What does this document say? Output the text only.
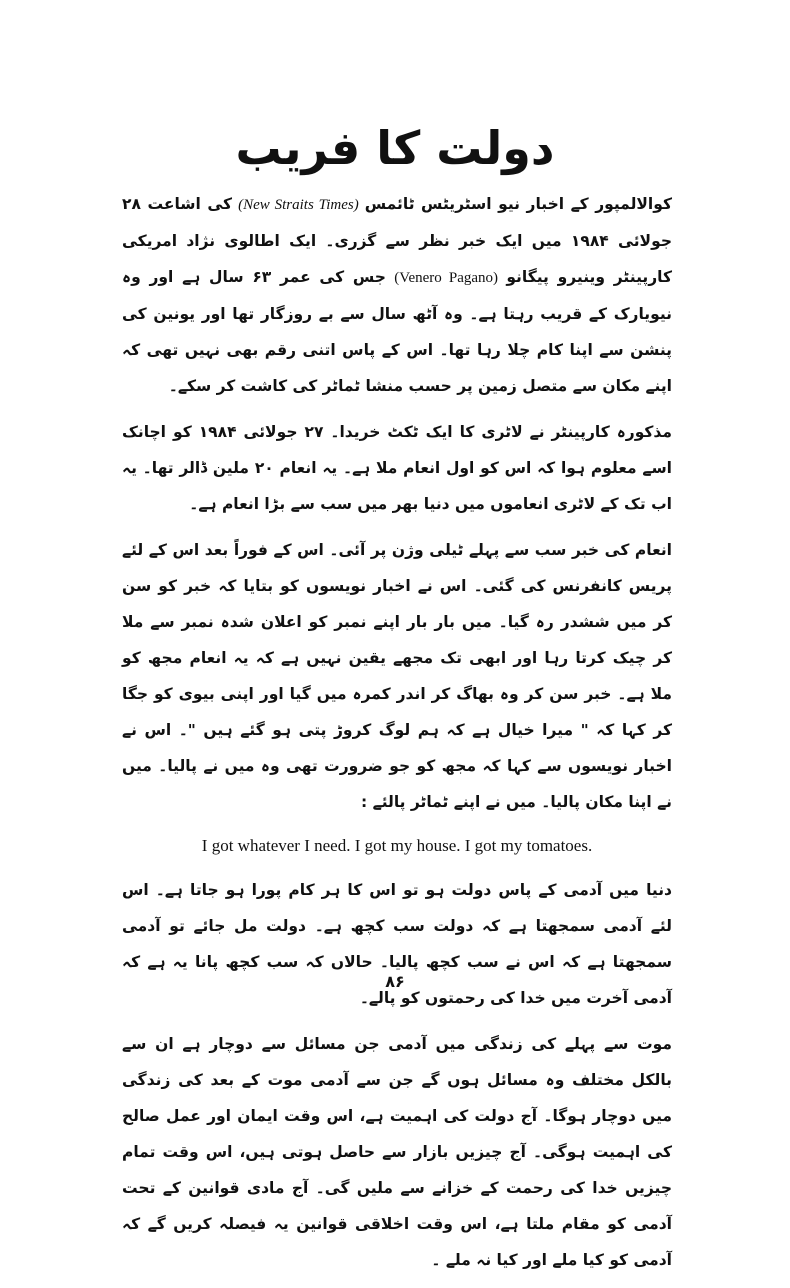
دولت کا فریب

کوالالمپور کے اخبار نیو اسٹریٹس ٹائمس (New Straits Times) کی اشاعت ۲۸ جولائی ۱۹۸۴ میں ایک خبر نظر سے گزری۔ ایک اطالوی نژاد امریکی کارپینٹر وینیرو پیگانو (Venero Pagano) جس کی عمر ۶۳ سال ہے اور وہ نیویارک کے قریب رہتا ہے۔ وہ آٹھ سال سے بے روزگار تھا اور یونین کی پنشن سے اپنا کام چلا رہا تھا۔ اس کے پاس اتنی رقم بھی نہیں تھی کہ اپنے مکان سے متصل زمین پر حسب منشا ٹماٹر کی کاشت کر سکے۔

مذکورہ کارپینٹر نے لاٹری کا ایک ٹکٹ خریدا۔ ۲۷ جولائی ۱۹۸۴ کو اچانک اسے معلوم ہوا کہ اس کو اول انعام ملا ہے۔ یہ انعام ۲۰ ملین ڈالر تھا۔ یہ اب تک کے لاٹری انعاموں میں دنیا بھر میں سب سے بڑا انعام ہے۔

انعام کی خبر سب سے پہلے ٹیلی وژن پر آئی۔ اس کے فوراً بعد اس کے لئے پریس کانفرنس کی گئی۔ اس نے اخبار نویسوں کو بتایا کہ خبر کو سن کر میں ششدر رہ گیا۔ میں بار بار اپنے نمبر کو اعلان شدہ نمبر سے ملا کر چیک کرتا رہا اور ابھی تک مجھے یقین نہیں ہے کہ یہ انعام مجھ کو ملا ہے۔ خبر سن کر وہ بھاگ کر اندر کمرہ میں گیا اور اپنی بیوی کو جگا کر کہا کہ " میرا خیال ہے کہ ہم لوگ کروڑ پتی ہو گئے ہیں "۔ اس نے اخبار نویسوں سے کہا کہ مجھ کو جو ضرورت تھی وہ میں نے پالیا۔ میں نے اپنا مکان پالیا۔ میں نے اپنے ٹماٹر پالئے :

I got whatever I need. I got my house. I got my tomatoes.

دنیا میں آدمی کے پاس دولت ہو تو اس کا ہر کام پورا ہو جاتا ہے۔ اس لئے آدمی سمجھتا ہے کہ دولت سب کچھ ہے۔ دولت مل جائے تو آدمی سمجھتا ہے کہ اس نے سب کچھ پالیا۔ حالاں کہ سب کچھ پانا یہ ہے کہ آدمی آخرت میں خدا کی رحمتوں کو پالے۔

موت سے پہلے کی زندگی میں آدمی جن مسائل سے دوچار ہے ان سے بالکل مختلف وہ مسائل ہوں گے جن سے آدمی موت کے بعد کی زندگی میں دوچار ہوگا۔ آج دولت کی اہمیت ہے، اس وقت ایمان اور عمل صالح کی اہمیت ہوگی۔ آج چیزیں بازار سے حاصل ہوتی ہیں، اس وقت تمام چیزیں خدا کی رحمت کے خزانے سے ملیں گی۔ آج مادی قوانین کے تحت آدمی کو مقام ملتا ہے، اس وقت اخلاقی قوانین یہ فیصلہ کریں گے کہ آدمی کو کیا ملے اور کیا نہ ملے ۔

۸۶
